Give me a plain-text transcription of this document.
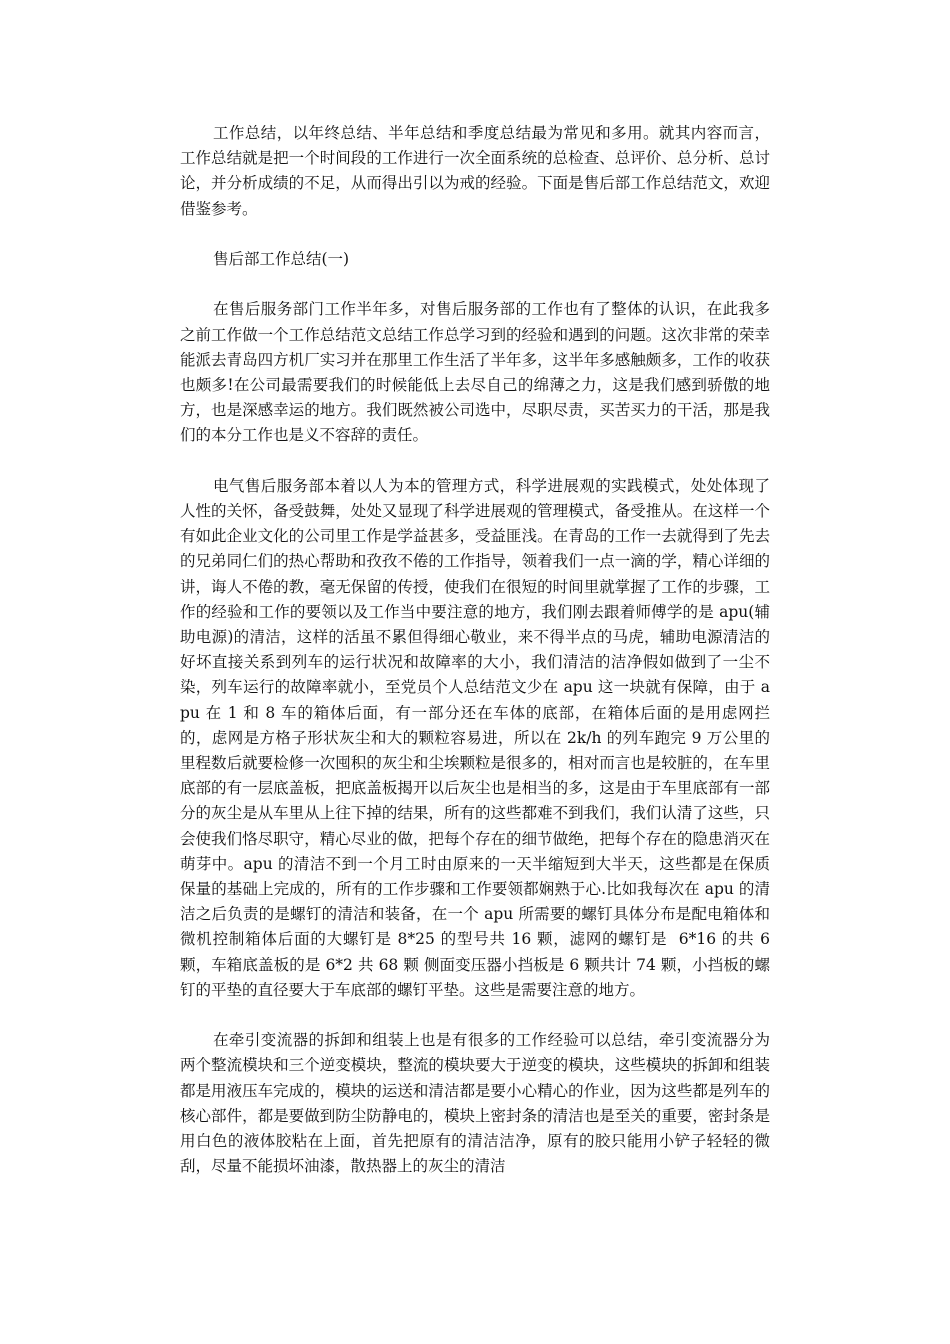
工作总结，以年终总结、半年总结和季度总结最为常见和多用。就其内容而言，工作总结就是把一个时间段的工作进行一次全面系统的总检查、总评价、总分析、总讨论，并分析成绩的不足，从而得出引以为戒的经验。下面是售后部工作总结范文，欢迎借鉴参考。

售后部工作总结(一)

在售后服务部门工作半年多，对售后服务部的工作也有了整体的认识，在此我多之前工作做一个工作总结范文总结工作总学习到的经验和遇到的问题。这次非常的荣幸能派去青岛四方机厂实习并在那里工作生活了半年多，这半年多感触颇多，工作的收获也颇多!在公司最需要我们的时候能低上去尽自己的绵薄之力，这是我们感到骄傲的地方，也是深感幸运的地方。我们既然被公司选中，尽职尽责，买苦买力的干活，那是我们的本分工作也是义不容辞的责任。

电气售后服务部本着以人为本的管理方式，科学进展观的实践模式，处处体现了人性的关怀，备受鼓舞，处处又显现了科学进展观的管理模式，备受推从。在这样一个有如此企业文化的公司里工作是学益甚多，受益匪浅。在青岛的工作一去就得到了先去的兄弟同仁们的热心帮助和孜孜不倦的工作指导，领着我们一点一滴的学，精心详细的讲，诲人不倦的教，毫无保留的传授，使我们在很短的时间里就掌握了工作的步骤，工作的经验和工作的要领以及工作当中要注意的地方，我们刚去跟着师傅学的是 apu(辅助电源)的清洁，这样的活虽不累但得细心敬业，来不得半点的马虎，辅助电源清洁的好坏直接关系到列车的运行状况和故障率的大小，我们清洁的洁净假如做到了一尘不染，列车运行的故障率就小，至党员个人总结范文少在 apu 这一块就有保障，由于 apu 在 1 和 8 车的箱体后面，有一部分还在车体的底部，在箱体后面的是用虑网拦的，虑网是方格子形状灰尘和大的颗粒容易进，所以在 2k/h 的列车跑完 9 万公里的里程数后就要检修一次囤积的灰尘和尘埃颗粒是很多的，相对而言也是较脏的，在车里底部的有一层底盖板，把底盖板揭开以后灰尘也是相当的多，这是由于车里底部有一部分的灰尘是从车里从上往下掉的结果，所有的这些都难不到我们，我们认清了这些，只会使我们恪尽职守，精心尽业的做，把每个存在的细节做绝，把每个存在的隐患消灭在萌芽中。apu 的清洁不到一个月工时由原来的一天半缩短到大半天，这些都是在保质保量的基础上完成的，所有的工作步骤和工作要领都娴熟于心.比如我每次在 apu 的清洁之后负责的是螺钉的清洁和装备，在一个 apu 所需要的螺钉具体分布是配电箱体和微机控制箱体后面的大螺钉是 8*25 的型号共 16 颗，滤网的螺钉是  6*16 的共 6 颗，车箱底盖板的是 6*2 共 68 颗 侧面变压器小挡板是 6 颗共计 74 颗，小挡板的螺钉的平垫的直径要大于车底部的螺钉平垫。这些是需要注意的地方。

在牵引变流器的拆卸和组装上也是有很多的工作经验可以总结，牵引变流器分为 两个整流模块和三个逆变模块，整流的模块要大于逆变的模块，这些模块的拆卸和组装都是用液压车完成的，模块的运送和清洁都是要小心精心的作业，因为这些都是列车的核心部件，都是要做到防尘防静电的，模块上密封条的清洁也是至关的重要，密封条是用白色的液体胶粘在上面，首先把原有的清洁洁净，原有的胶只能用小铲子轻轻的微刮，尽量不能损坏油漆，散热器上的灰尘的清洁
